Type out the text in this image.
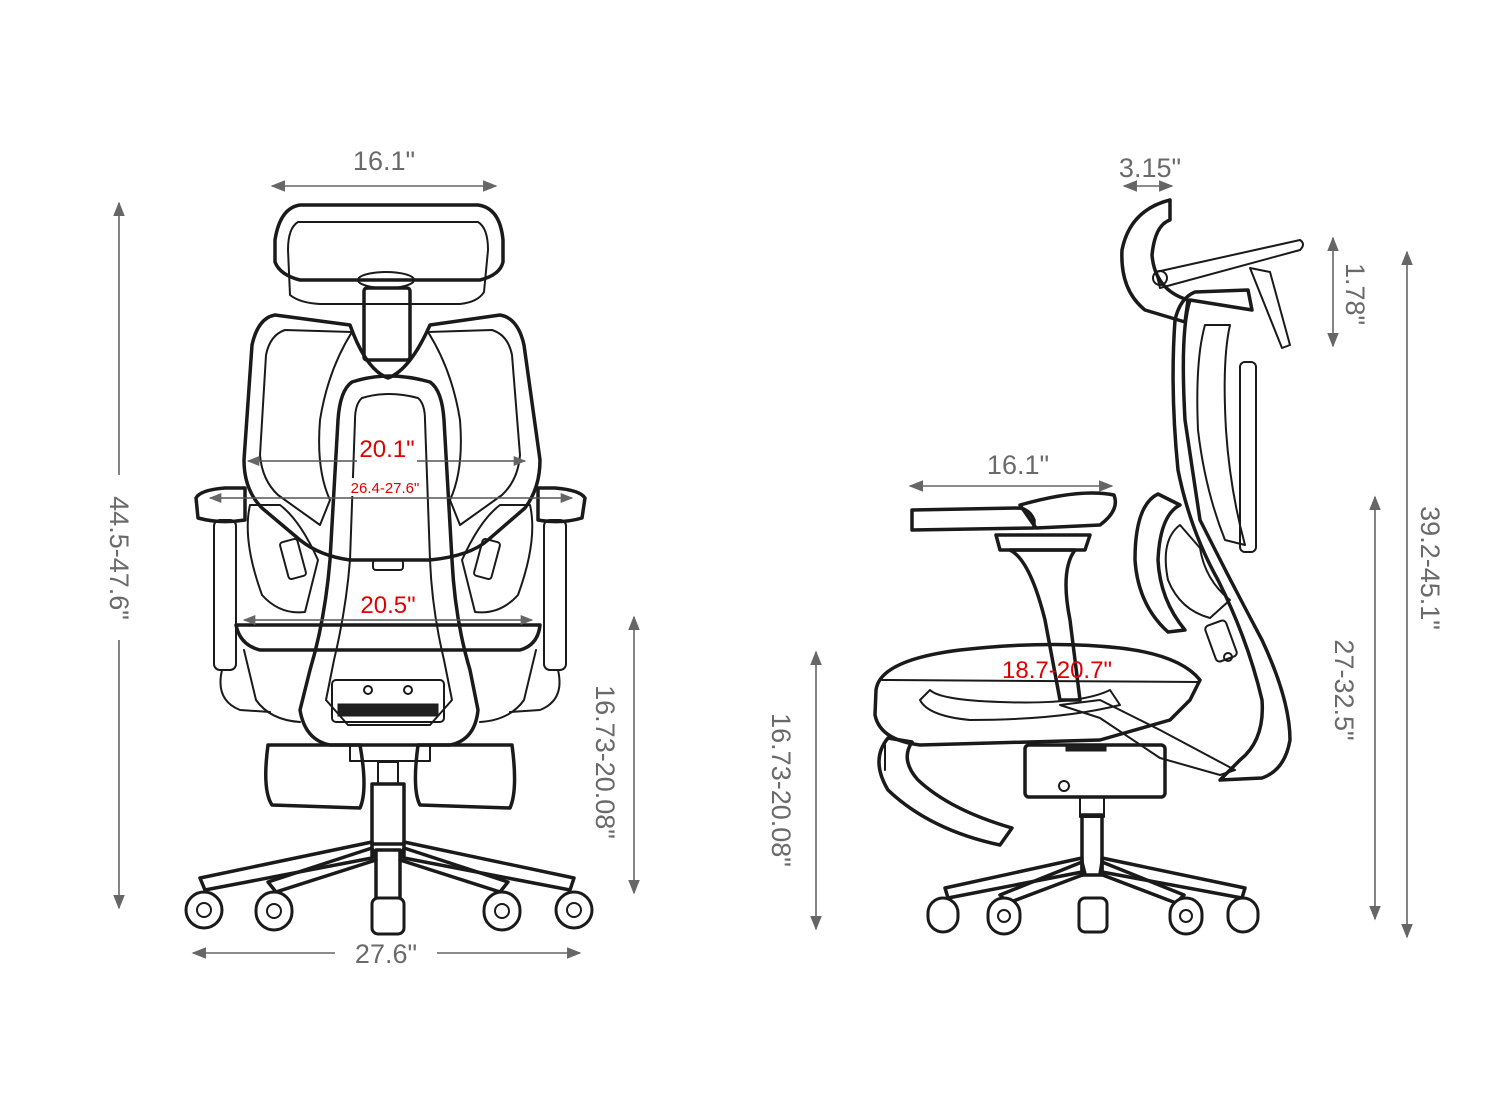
16.1"
44.5-47.6"
20.1"
26.4-27.6"
20.5"
16.73-20.08"
27.6"
3.15"
1.78"
39.2-45.1"
16.1"
27-32.5"
16.73-20.08"
18.7-20.7"
